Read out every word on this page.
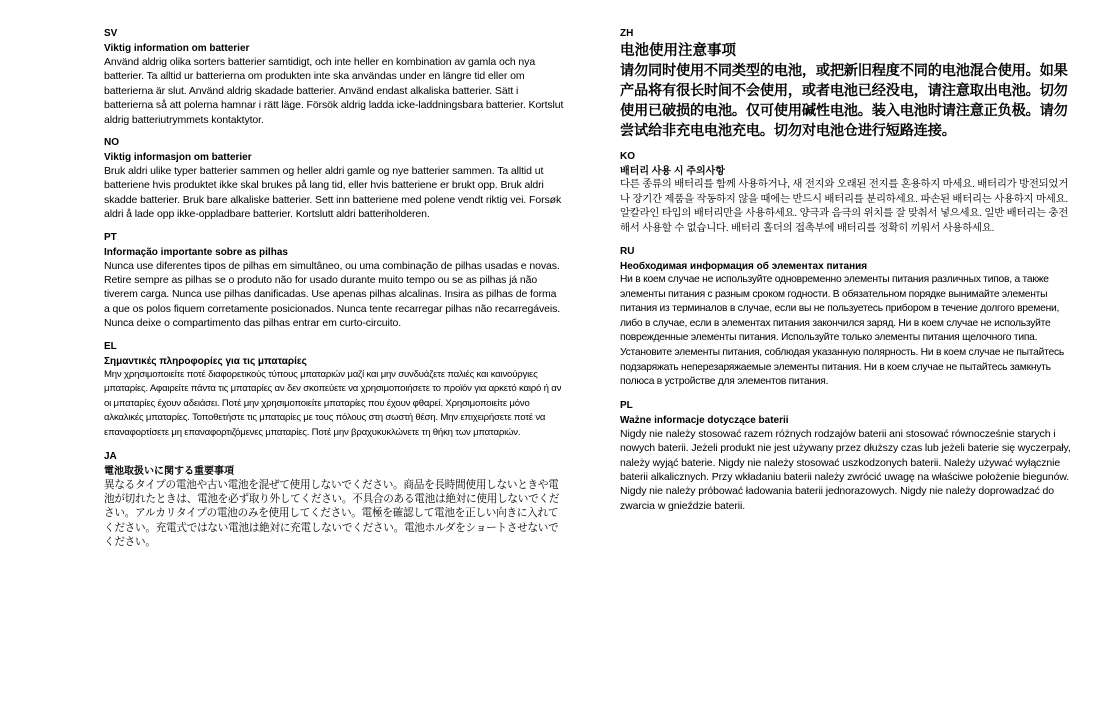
SV
Viktig information om batterier
Använd aldrig olika sorters batterier samtidigt, och inte heller en kombination av gamla och nya batterier. Ta alltid ur batterierna om produkten inte ska användas under en längre tid eller om batterierna är slut. Använd aldrig skadade batterier. Använd endast alkaliska batterier. Sätt i batterierna så att polerna hamnar i rätt läge. Försök aldrig ladda icke-laddningsbara batterier. Kortslut aldrig batteriutrymmets kontaktytor.
NO
Viktig informasjon om batterier
Bruk aldri ulike typer batterier sammen og heller aldri gamle og nye batterier sammen. Ta alltid ut batteriene hvis produktet ikke skal brukes på lang tid, eller hvis batteriene er brukt opp. Bruk aldri skadde batterier. Bruk bare alkaliske batterier. Sett inn batteriene med polene vendt riktig vei. Forsøk aldri å lade opp ikke-oppladbare batterier. Kortslutt aldri batteriholderen.
PT
Informação importante sobre as pilhas
Nunca use diferentes tipos de pilhas em simultâneo, ou uma combinação de pilhas usadas e novas. Retire sempre as pilhas se o produto não for usado durante muito tempo ou se as pilhas já não tiverem carga. Nunca use pilhas danificadas. Use apenas pilhas alcalinas. Insira as pilhas de forma a que os polos fiquem corretamente posicionados. Nunca tente recarregar pilhas não recarregáveis. Nunca deixe o compartimento das pilhas entrar em curto-circuito.
EL
Σημαντικές πληροφορίες για τις μπαταρίες
Μην χρησιμοποιείτε ποτέ διαφορετικούς τύπους μπαταριών μαζί και μην συνδυάζετε παλιές και καινούργιες μπαταρίες. Αφαιρείτε πάντα τις μπαταρίες αν δεν σκοπεύετε να χρησιμοποιήσετε το προϊόν για αρκετό καιρό ή αν οι μπαταρίες έχουν αδειάσει. Ποτέ μην χρησιμοποιείτε μπαταρίες που έχουν φθαρεί. Χρησιμοποιείτε μόνο αλκαλικές μπαταρίες. Τοποθετήστε τις μπαταρίες με τους πόλους στη σωστή θέση. Μην επιχειρήσετε ποτέ να επαναφορτίσετε μη επαναφορτιζόμενες μπαταρίες. Ποτέ μην βραχυκυκλώνετε τη θήκη των μπαταριών.
JA
電池取扱いに関する重要事項
異なるタイプの電池や古い電池を混ぜて使用しないでください。商品を長時間使用しないときや電池が切れたときは、電池を必ず取り外してください。不具合のある電池は絶対に使用しないでください。アルカリタイプの電池のみを使用してください。電極を確認して電池を正しい向きに入れてください。充電式ではない電池は絶対に充電しないでください。電池ホルダをショートさせないでください。
ZH
电池使用注意事项
请勿同时使用不同类型的电池，或把新旧程度不同的电池混合使用。如果产品将有很长时间不会使用，或者电池已经没电，请注意取出电池。切勿使用已破损的电池。仅可使用碱性电池。装入电池时请注意正负极。请勿尝试给非充电电池充电。切勿对电池仓进行短路连接。
KO
배터리 사용 시 주의사항
다른 종류의 배터리를 함께 사용하거나, 새 전지와 오래된 전지를 혼용하지 마세요. 배터리가 방전되었거나 장기간 제품을 작동하지 않을 때에는 반드시 배터리를 분리하세요. 파손된 배터리는 사용하지 마세요. 알칼라인 타입의 배터리만을 사용하세요. 양극과 음극의 위치를 잘 맞춰서 넣으세요. 일반 배터리는 충전해서 사용할 수 없습니다. 배터리 홀더의 접촉부에 배터리를 정확히 끼워서 사용하세요.
RU
Необходимая информация об элементах питания
Ни в коем случае не используйте одновременно элементы питания различных типов, а также элементы питания с разным сроком годности. В обязательном порядке вынимайте элементы питания из терминалов в случае, если вы не пользуетесь прибором в течение долгого времени, либо в случае, если в элементах питания закончился заряд. Ни в коем случае не используйте поврежденные элементы питания. Используйте только элементы питания щелочного типа. Установите элементы питания, соблюдая указанную полярность. Ни в коем случае не пытайтесь подзаряжать неперезаряжаемые элементы питания. Ни в коем случае не пытайтесь замкнуть полюса в устройстве для элементов питания.
PL
Ważne informacje dotyczące baterii
Nigdy nie należy stosować razem różnych rodzajów baterii ani stosować równocześnie starych i nowych baterii. Jeżeli produkt nie jest używany przez dłuższy czas lub jeżeli baterie się wyczerpały, należy wyjąć baterie. Nigdy nie należy stosować uszkodzonych baterii. Należy używać wyłącznie baterii alkalicznych. Przy wkładaniu baterii należy zwrócić uwagę na właściwe położenie biegunów. Nigdy nie należy próbować ładowania baterii jednorazowych. Nigdy nie należy doprowadzać do zwarcia w gnieździe baterii.
